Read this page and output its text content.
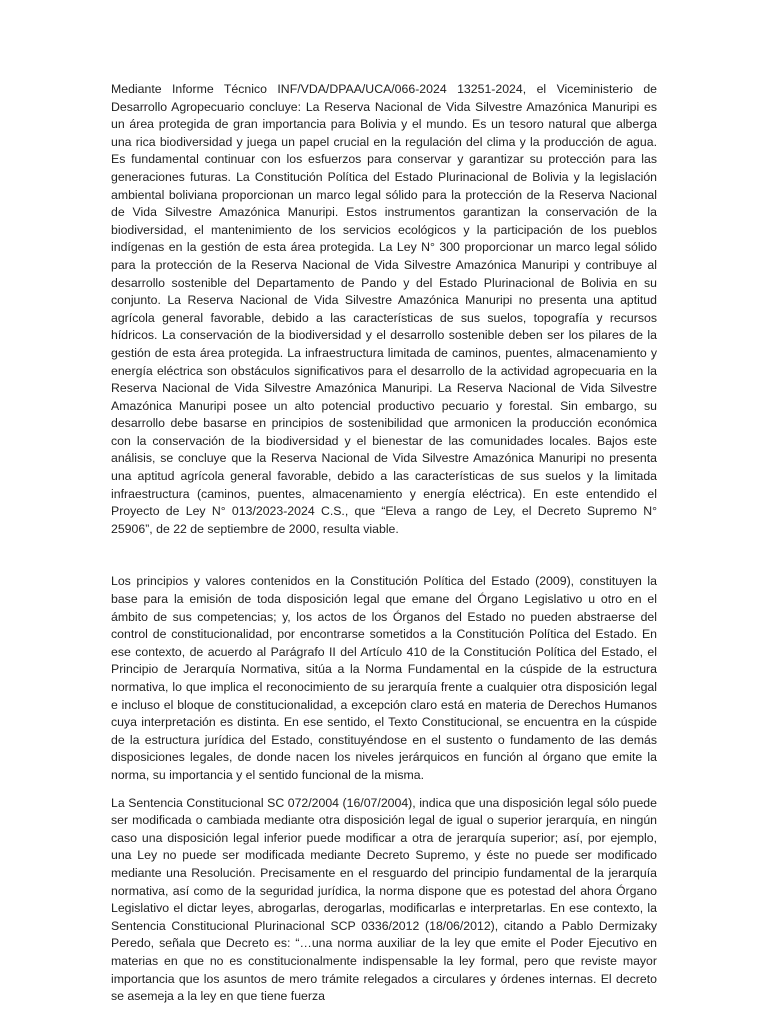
Mediante Informe Técnico INF/VDA/DPAA/UCA/066-2024 13251-2024, el Viceministerio de Desarrollo Agropecuario concluye: La Reserva Nacional de Vida Silvestre Amazónica Manuripi es un área protegida de gran importancia para Bolivia y el mundo. Es un tesoro natural que alberga una rica biodiversidad y juega un papel crucial en la regulación del clima y la producción de agua. Es fundamental continuar con los esfuerzos para conservar y garantizar su protección para las generaciones futuras. La Constitución Política del Estado Plurinacional de Bolivia y la legislación ambiental boliviana proporcionan un marco legal sólido para la protección de la Reserva Nacional de Vida Silvestre Amazónica Manuripi. Estos instrumentos garantizan la conservación de la biodiversidad, el mantenimiento de los servicios ecológicos y la participación de los pueblos indígenas en la gestión de esta área protegida. La Ley N° 300 proporcionar un marco legal sólido para la protección de la Reserva Nacional de Vida Silvestre Amazónica Manuripi y contribuye al desarrollo sostenible del Departamento de Pando y del Estado Plurinacional de Bolivia en su conjunto. La Reserva Nacional de Vida Silvestre Amazónica Manuripi no presenta una aptitud agrícola general favorable, debido a las características de sus suelos, topografía y recursos hídricos. La conservación de la biodiversidad y el desarrollo sostenible deben ser los pilares de la gestión de esta área protegida. La infraestructura limitada de caminos, puentes, almacenamiento y energía eléctrica son obstáculos significativos para el desarrollo de la actividad agropecuaria en la Reserva Nacional de Vida Silvestre Amazónica Manuripi. La Reserva Nacional de Vida Silvestre Amazónica Manuripi posee un alto potencial productivo pecuario y forestal. Sin embargo, su desarrollo debe basarse en principios de sostenibilidad que armonicen la producción económica con la conservación de la biodiversidad y el bienestar de las comunidades locales. Bajos este análisis, se concluye que la Reserva Nacional de Vida Silvestre Amazónica Manuripi no presenta una aptitud agrícola general favorable, debido a las características de sus suelos y la limitada infraestructura (caminos, puentes, almacenamiento y energía eléctrica). En este entendido el Proyecto de Ley N° 013/2023-2024 C.S., que “Eleva a rango de Ley, el Decreto Supremo N° 25906”, de 22 de septiembre de 2000, resulta viable.

Los principios y valores contenidos en la Constitución Política del Estado (2009), constituyen la base para la emisión de toda disposición legal que emane del Órgano Legislativo u otro en el ámbito de sus competencias; y, los actos de los Órganos del Estado no pueden abstraerse del control de constitucionalidad, por encontrarse sometidos a la Constitución Política del Estado. En ese contexto, de acuerdo al Parágrafo II del Artículo 410 de la Constitución Política del Estado, el Principio de Jerarquía Normativa, sitúa a la Norma Fundamental en la cúspide de la estructura normativa, lo que implica el reconocimiento de su jerarquía frente a cualquier otra disposición legal e incluso el bloque de constitucionalidad, a excepción claro está en materia de Derechos Humanos cuya interpretación es distinta. En ese sentido, el Texto Constitucional, se encuentra en la cúspide de la estructura jurídica del Estado, constituyéndose en el sustento o fundamento de las demás disposiciones legales, de donde nacen los niveles jerárquicos en función al órgano que emite la norma, su importancia y el sentido funcional de la misma.

La Sentencia Constitucional SC 072/2004 (16/07/2004), indica que una disposición legal sólo puede ser modificada o cambiada mediante otra disposición legal de igual o superior jerarquía, en ningún caso una disposición legal inferior puede modificar a otra de jerarquía superior; así, por ejemplo, una Ley no puede ser modificada mediante Decreto Supremo, y éste no puede ser modificado mediante una Resolución. Precisamente en el resguardo del principio fundamental de la jerarquía normativa, así como de la seguridad jurídica, la norma dispone que es potestad del ahora Órgano Legislativo el dictar leyes, abrogarlas, derogarlas, modificarlas e interpretarlas. En ese contexto, la Sentencia Constitucional Plurinacional SCP 0336/2012 (18/06/2012), citando a Pablo Dermizaky Peredo, señala que Decreto es: “…una norma auxiliar de la ley que emite el Poder Ejecutivo en materias en que no es constitucionalmente indispensable la ley formal, pero que reviste mayor importancia que los asuntos de mero trámite relegados a circulares y órdenes internas. El decreto se asemeja a la ley en que tiene fuerza
